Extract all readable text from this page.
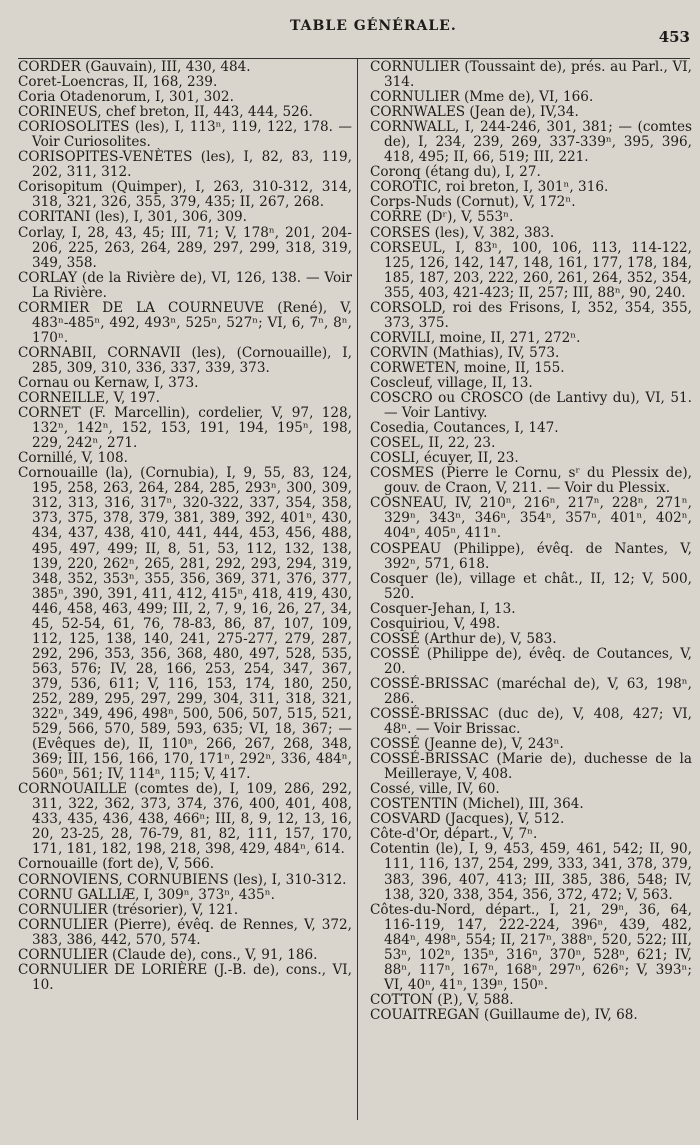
TABLE GÉNÉRALE.
453

CORDER (Gauvain), III, 430, 484.

Coret-Loencras, II, 168, 239.

Coria Otadenorum, I, 301, 302.

CORINEUS, chef breton, II, 443, 444, 526.

CORIOSOLITES (les), I, 113ⁿ, 119, 122, 178. — Voir Curiosolites.

CORISOPITES-VENÈTES (les), I, 82, 83, 119, 202, 311, 312.

Corisopitum (Quimper), I, 263, 310-312, 314, 318, 321, 326, 355, 379, 435; II, 267, 268.

CORITANI (les), I, 301, 306, 309.

Corlay, I, 28, 43, 45; III, 71; V, 178ⁿ, 201, 204-206, 225, 263, 264, 289, 297, 299, 318, 319, 349, 358.

CORLAY (de la Rivière de), VI, 126, 138. — Voir La Rivière.

CORMIER DE LA COURNEUVE (René), V, 483ⁿ-485ⁿ, 492, 493ⁿ, 525ⁿ, 527ⁿ; VI, 6, 7ⁿ, 8ⁿ, 170ⁿ.

CORNABII, CORNAVII (les), (Cornouaille), I, 285, 309, 310, 336, 337, 339, 373.

Cornau ou Kernaw, I, 373.

CORNEILLE, V, 197.

CORNET (F. Marcellin), cordelier, V, 97, 128, 132ⁿ, 142ⁿ, 152, 153, 191, 194, 195ⁿ, 198, 229, 242ⁿ, 271.

Cornillé, V, 108.

Cornouaille (la), (Cornubia), I, 9, 55, 83, 124, 195, 258, 263, 264, 284, 285, 293ⁿ, 300, 309, 312, 313, 316, 317ⁿ, 320-322, 337, 354, 358, 373, 375, 378, 379, 381, 389, 392, 401ⁿ, 430, 434, 437, 438, 410, 441, 444, 453, 456, 488, 495, 497, 499; II, 8, 51, 53, 112, 132, 138, 139, 220, 262ⁿ, 265, 281, 292, 293, 294, 319, 348, 352, 353ⁿ, 355, 356, 369, 371, 376, 377, 385ⁿ, 390, 391, 411, 412, 415ⁿ, 418, 419, 430, 446, 458, 463, 499; III, 2, 7, 9, 16, 26, 27, 34, 45, 52-54, 61, 76, 78-83, 86, 87, 107, 109, 112, 125, 138, 140, 241, 275-277, 279, 287, 292, 296, 353, 356, 368, 480, 497, 528, 535, 563, 576; IV, 28, 166, 253, 254, 347, 367, 379, 536, 611; V, 116, 153, 174, 180, 250, 252, 289, 295, 297, 299, 304, 311, 318, 321, 322ⁿ, 349, 496, 498ⁿ, 500, 506, 507, 515, 521, 529, 566, 570, 589, 593, 635; VI, 18, 367; — (Evêques de), II, 110ⁿ, 266, 267, 268, 348, 369; III, 156, 166, 170, 171ⁿ, 292ⁿ, 336, 484ⁿ, 560ⁿ, 561; IV, 114ⁿ, 115; V, 417.

CORNOUAILLE (comtes de), I, 109, 286, 292, 311, 322, 362, 373, 374, 376, 400, 401, 408, 433, 435, 436, 438, 466ⁿ; III, 8, 9, 12, 13, 16, 20, 23-25, 28, 76-79, 81, 82, 111, 157, 170, 171, 181, 182, 198, 218, 398, 429, 484ⁿ, 614.

Cornouaille (fort de), V, 566.

CORNOVIENS, CORNUBIENS (les), I, 310-312.

CORNU GALLIÆ, I, 309ⁿ, 373ⁿ, 435ⁿ.

CORNULIER (trésorier), V, 121.

CORNULIER (Pierre), évêq. de Rennes, V, 372, 383, 386, 442, 570, 574.

CORNULIER (Claude de), cons., V, 91, 186.

CORNULIER DE LORIÈRE (J.-B. de), cons., VI, 10.

CORNULIER (Toussaint de), prés. au Parl., VI, 314.

CORNULIER (Mme de), VI, 166.

CORNWALES (Jean de), IV,34.

CORNWALL, I, 244-246, 301, 381; — (comtes de), I, 234, 239, 269, 337-339ⁿ, 395, 396, 418, 495; II, 66, 519; III, 221.

Coronq (étang du), I, 27.

COROTIC, roi breton, I, 301ⁿ, 316.

Corps-Nuds (Cornut), V, 172ⁿ.

CORRE (Dʳ), V, 553ⁿ.

CORSES (les), V, 382, 383.

CORSEUL, I, 83ⁿ, 100, 106, 113, 114-122, 125, 126, 142, 147, 148, 161, 177, 178, 184, 185, 187, 203, 222, 260, 261, 264, 352, 354, 355, 403, 421-423; II, 257; III, 88ⁿ, 90, 240.

CORSOLD, roi des Frisons, I, 352, 354, 355, 373, 375.

CORVILI, moine, II, 271, 272ⁿ.

CORVIN (Mathias), IV, 573.

CORWETEN, moine, II, 155.

Coscleuf, village, II, 13.

COSCRO ou CROSCO (de Lantivy du), VI, 51. — Voir Lantivy.

Cosedia, Coutances, I, 147.

COSEL, II, 22, 23.

COSLI, écuyer, II, 23.

COSMES (Pierre le Cornu, sʳ du Plessix de), gouv. de Craon, V, 211. — Voir du Plessix.

COSNEAU, IV, 210ⁿ, 216ⁿ, 217ⁿ, 228ⁿ, 271ⁿ, 329ⁿ, 343ⁿ, 346ⁿ, 354ⁿ, 357ⁿ, 401ⁿ, 402ⁿ, 404ⁿ, 405ⁿ, 411ⁿ.

COSPEAU (Philippe), évêq. de Nantes, V, 392ⁿ, 571, 618.

Cosquer (le), village et chât., II, 12; V, 500, 520.

Cosquer-Jehan, I, 13.

Cosquiriou, V, 498.

COSSÉ (Arthur de), V, 583.

COSSÉ (Philippe de), évêq. de Coutances, V, 20.

COSSÉ-BRISSAC (maréchal de), V, 63, 198ⁿ, 286.

COSSÉ-BRISSAC (duc de), V, 408, 427; VI, 48ⁿ. — Voir Brissac.

COSSÉ (Jeanne de), V, 243ⁿ.

COSSÉ-BRISSAC (Marie de), duchesse de la Meilleraye, V, 408.

Cossé, ville, IV, 60.

COSTENTIN (Michel), III, 364.

COSVARD (Jacques), V, 512.

Côte-d'Or, départ., V, 7ⁿ.

Cotentin (le), I, 9, 453, 459, 461, 542; II, 90, 111, 116, 137, 254, 299, 333, 341, 378, 379, 383, 396, 407, 413; III, 385, 386, 548; IV, 138, 320, 338, 354, 356, 372, 472; V, 563.

Côtes-du-Nord, départ., I, 21, 29ⁿ, 36, 64, 116-119, 147, 222-224, 396ⁿ, 439, 482, 484ⁿ, 498ⁿ, 554; II, 217ⁿ, 388ⁿ, 520, 522; III, 53ⁿ, 102ⁿ, 135ⁿ, 316ⁿ, 370ⁿ, 528ⁿ, 621; IV, 88ⁿ, 117ⁿ, 167ⁿ, 168ⁿ, 297ⁿ, 626ⁿ; V, 393ⁿ; VI, 40ⁿ, 41ⁿ, 139ⁿ, 150ⁿ.

COTTON (P.), V, 588.

COUAITREGAN (Guillaume de), IV, 68.
